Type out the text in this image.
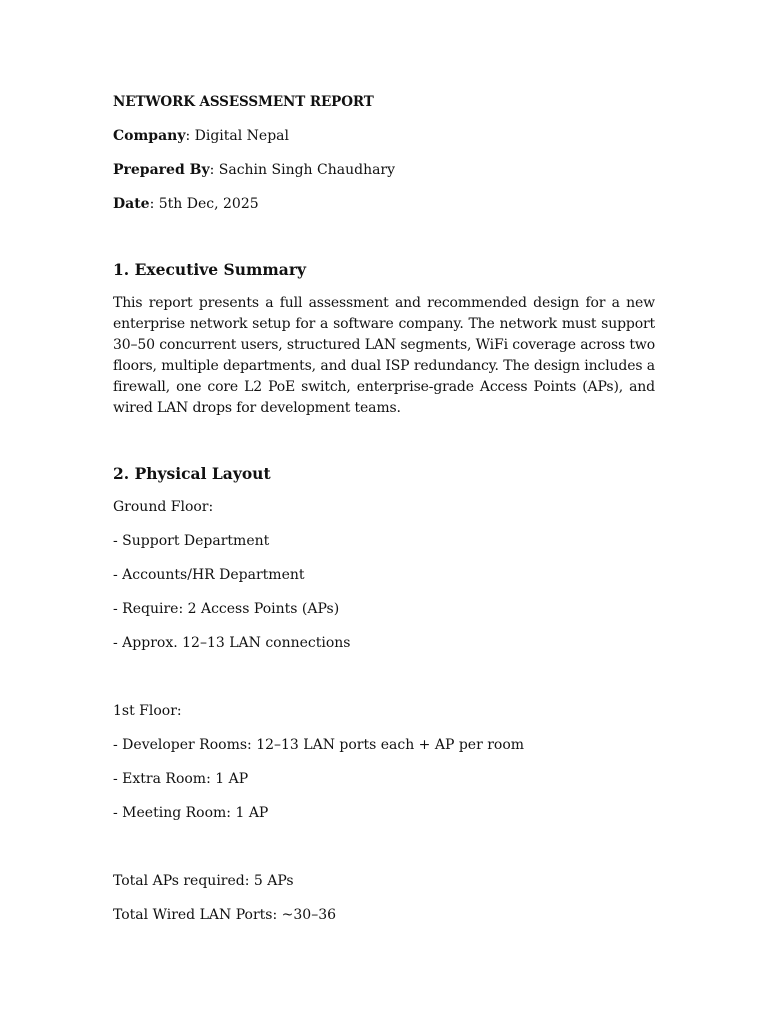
NETWORK ASSESSMENT REPORT

Company: Digital Nepal

Prepared By: Sachin Singh Chaudhary

Date: 5th Dec, 2025

1. Executive Summary

This report presents a full assessment and recommended design for a new enterprise network setup for a software company. The network must support 30–50 concurrent users, structured LAN segments, WiFi coverage across two floors, multiple departments, and dual ISP redundancy. The design includes a firewall, one core L2 PoE switch, enterprise-grade Access Points (APs), and wired LAN drops for development teams.

2. Physical Layout

Ground Floor:

- Support Department

- Accounts/HR Department

- Require: 2 Access Points (APs)

- Approx. 12–13 LAN connections

1st Floor:

- Developer Rooms: 12–13 LAN ports each + AP per room

- Extra Room: 1 AP

- Meeting Room: 1 AP

Total APs required: 5 APs

Total Wired LAN Ports: ~30–36
